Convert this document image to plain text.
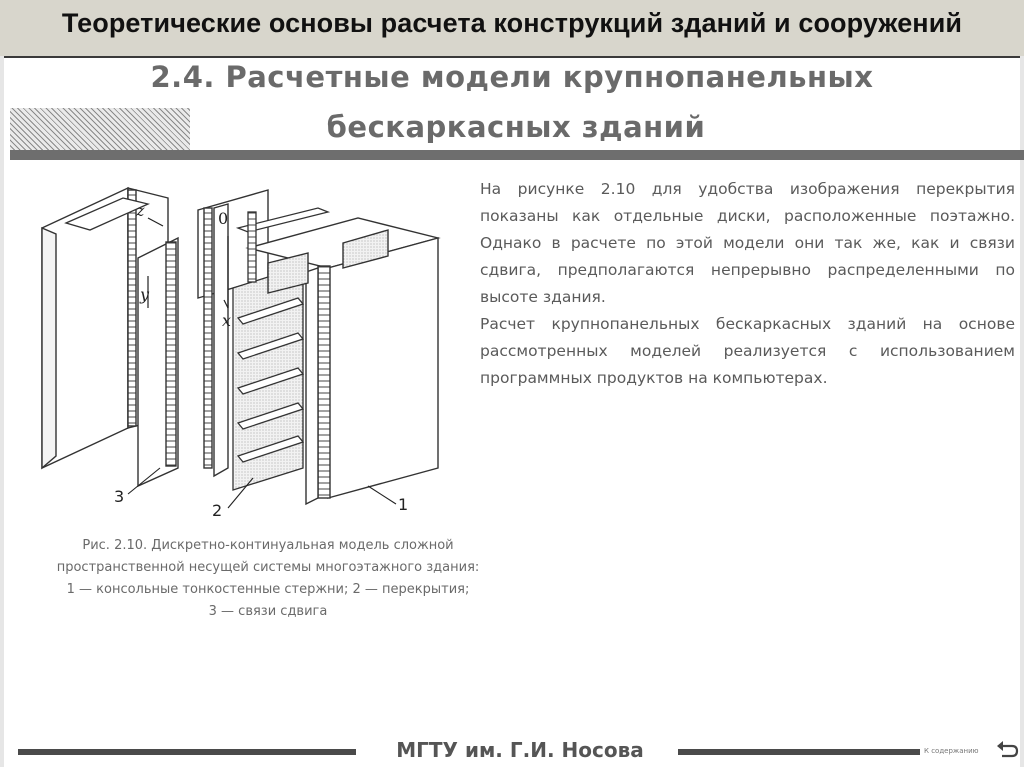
Теоретические основы расчета конструкций зданий и сооружений
2.4. Расчетные модели крупнопанельных
бескаркасных зданий
z	0
y
x
3
2	1

На рисунке 2.10 для удобства изображения перекрытия показаны как отдельные диски, расположенные поэтажно. Однако в расчете по этой модели они так же, как и связи сдвига, предполагаются непрерывно распределенными по высоте здания.

Расчет крупнопанельных бескаркасных зданий на основе рассмотренных моделей реализуется с использованием программных продуктов на компьютерах.

Рис. 2.10. Дискретно-континуальная модель сложной
пространственной несущей системы многоэтажного здания:
1 — консольные тонкостенные стержни; 2 — перекрытия;
3 — связи сдвига
МГТУ им. Г.И. Носова	К содержанию
